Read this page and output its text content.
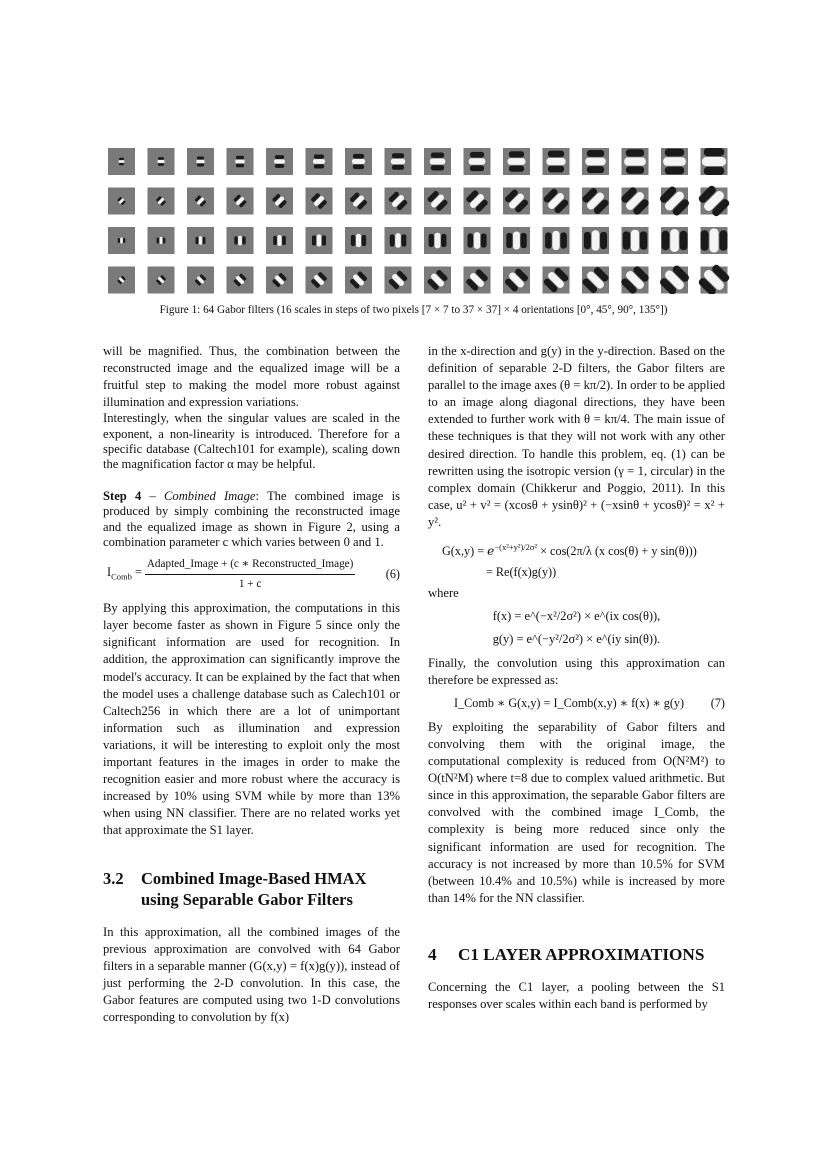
Figure 1: 64 Gabor filters (16 scales in steps of two pixels [7 × 7 to 37 × 37] × 4 orientations [0°, 45°, 90°, 135°])

will be magnified. Thus, the combination between the reconstructed image and the equalized image will be a fruitful step to making the model more robust against illumination and expression variations.

Interestingly, when the singular values are scaled in the exponent, a non-linearity is introduced. Therefore for a specific database (Caltech101 for example), scaling down the magnification factor α may be helpful.

Step 4 – Combined Image: The combined image is produced by simply combining the reconstructed image and the equalized image as shown in Figure 2, using a combination parameter c which varies between 0 and 1.

$I_{Comb} = \frac{\text{Adapted\_Image + (c ∗ Reconstructed\_Image)}}{1 + c} (6)$

By applying this approximation, the computations in this layer become faster as shown in Figure 5 since only the significant information are used for recognition. In addition, the approximation can significantly improve the model's accuracy. It can be explained by the fact that when the model uses a challenge database such as Calech101 or Caltech256 in which there are a lot of unimportant information such as illumination and expression variations, it will be interesting to exploit only the most important features in the images in order to make the recognition easier and more robust where the accuracy is increased by 10% using SVM while by more than 13% when using NN classifier. There are no related works yet that approximate the S1 layer.

3.2	Combined Image-Based HMAX using Separable Gabor Filters

In this approximation, all the combined images of the previous approximation are convolved with 64 Gabor filters in a separable manner (G(x,y) = f(x)g(y)), instead of just performing the 2-D convolution. In this case, the Gabor features are computed using two 1-D convolutions corresponding to convolution by f(x)

in the x-direction and g(y) in the y-direction. Based on the definition of separable 2-D filters, the Gabor filters are parallel to the image axes (θ = kπ/2). In order to be applied to an image along diagonal directions, they have been extended to further work with θ = kπ/4. The main issue of these techniques is that they will not work with any other desired direction. To handle this problem, eq. (1) can be rewritten using the isotropic version (γ = 1, circular) in the complex domain (Chikkerur and Poggio, 2011). In this case, u² + v² = (xcosθ + ysinθ)² + (−xsinθ + ycosθ)² = x² + y².

$G(x,y) = e^{-(x^2+y^2)/2\sigma^2} \times \cos(2\pi/\lambda$ (x cos(θ) + y sin(θ)))
= Re(f(x)g(y))

where

f(x) = e^(−x²/2σ²) × e^(ix cos(θ)),
g(y) = e^(−y²/2σ²) × e^(iy sin(θ)).

Finally, the convolution using this approximation can therefore be expressed as:

I_Comb ∗ G(x,y) = I_Comb(x,y) ∗ f(x) ∗ g(y) (7)

By exploiting the separability of Gabor filters and convolving them with the original image, the computational complexity is reduced from O(N²M²) to O(tN²M) where t=8 due to complex valued arithmetic. But since in this approximation, the separable Gabor filters are convolved with the combined image I_Comb, the complexity is being more reduced since only the significant information are used for recognition. The accuracy is not increased by more than 10.5% for SVM (between 10.4% and 10.5%) while is increased by more than 14% for the NN classifier.

4	C1 LAYER APPROXIMATIONS

Concerning the C1 layer, a pooling between the S1 responses over scales within each band is performed by
